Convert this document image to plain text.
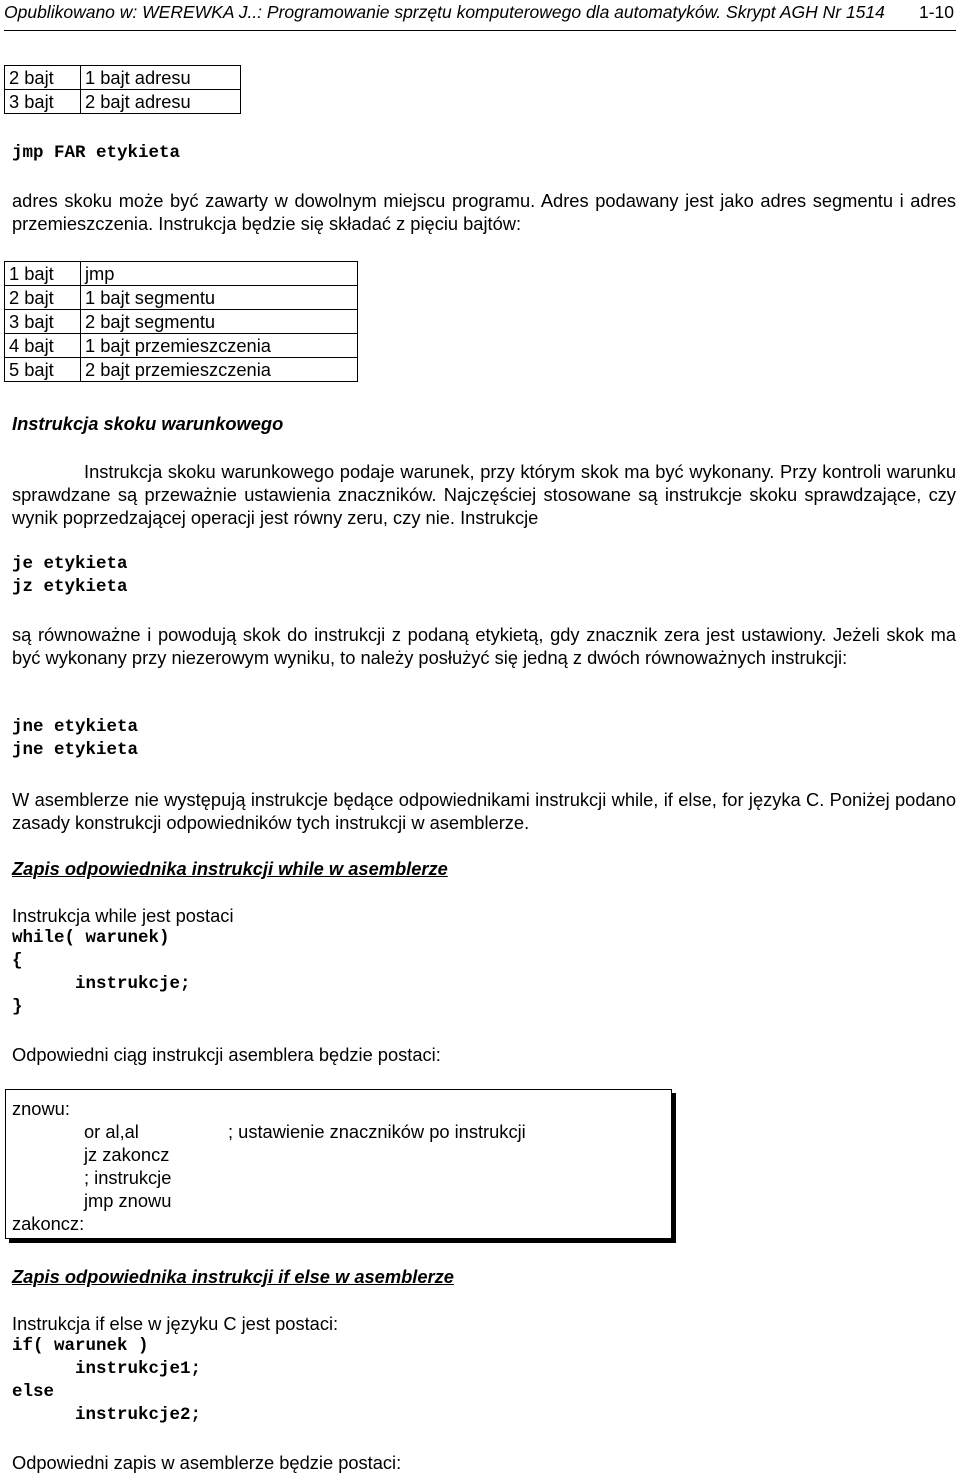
Opublikowano w: WEREWKA J..: Programowanie sprzętu komputerowego dla automatyków. Skrypt AGH Nr 1514 1-10
2 bajt	1 bajt adresu
3 bajt	2 bajt adresu
jmp FAR etykieta
adres skoku może być zawarty w dowolnym miejscu programu. Adres podawany jest jako adres segmentu i adres przemieszczenia. Instrukcja będzie się składać z pięciu bajtów:
1 bajt	jmp
2 bajt	1 bajt segmentu
3 bajt	2 bajt segmentu
4 bajt	1 bajt przemieszczenia
5 bajt	2 bajt przemieszczenia
Instrukcja skoku warunkowego
Instrukcja skoku warunkowego podaje warunek, przy którym skok ma być wykonany. Przy kontroli warunku sprawdzane są przeważnie ustawienia znaczników. Najczęściej stosowane są instrukcje skoku sprawdzające, czy wynik poprzedzającej operacji jest równy zeru, czy nie. Instrukcje
je etykieta
jz etykieta
są równoważne i powodują skok do instrukcji z podaną etykietą, gdy znacznik zera jest ustawiony. Jeżeli skok ma być wykonany przy niezerowym wyniku, to należy posłużyć się jedną z dwóch równoważnych instrukcji:
jne etykieta
jne etykieta
W asemblerze nie występują instrukcje będące odpowiednikami instrukcji while, if else, for języka C. Poniżej podano zasady konstrukcji odpowiedników tych instrukcji w asemblerze.
Zapis odpowiednika instrukcji while w asemblerze
Instrukcja while jest postaci
while( warunek)
{
instrukcje;
}
Odpowiedni ciąg instrukcji asemblera będzie postaci:
znowu:
or al,al	; ustawienie znaczników po instrukcji
jz zakoncz
; instrukcje
jmp znowu
zakoncz:
Zapis odpowiednika instrukcji if else w asemblerze
Instrukcja if else w języku C jest postaci:
if( warunek )
instrukcje1;
else
instrukcje2;
Odpowiedni zapis w asemblerze będzie postaci:
